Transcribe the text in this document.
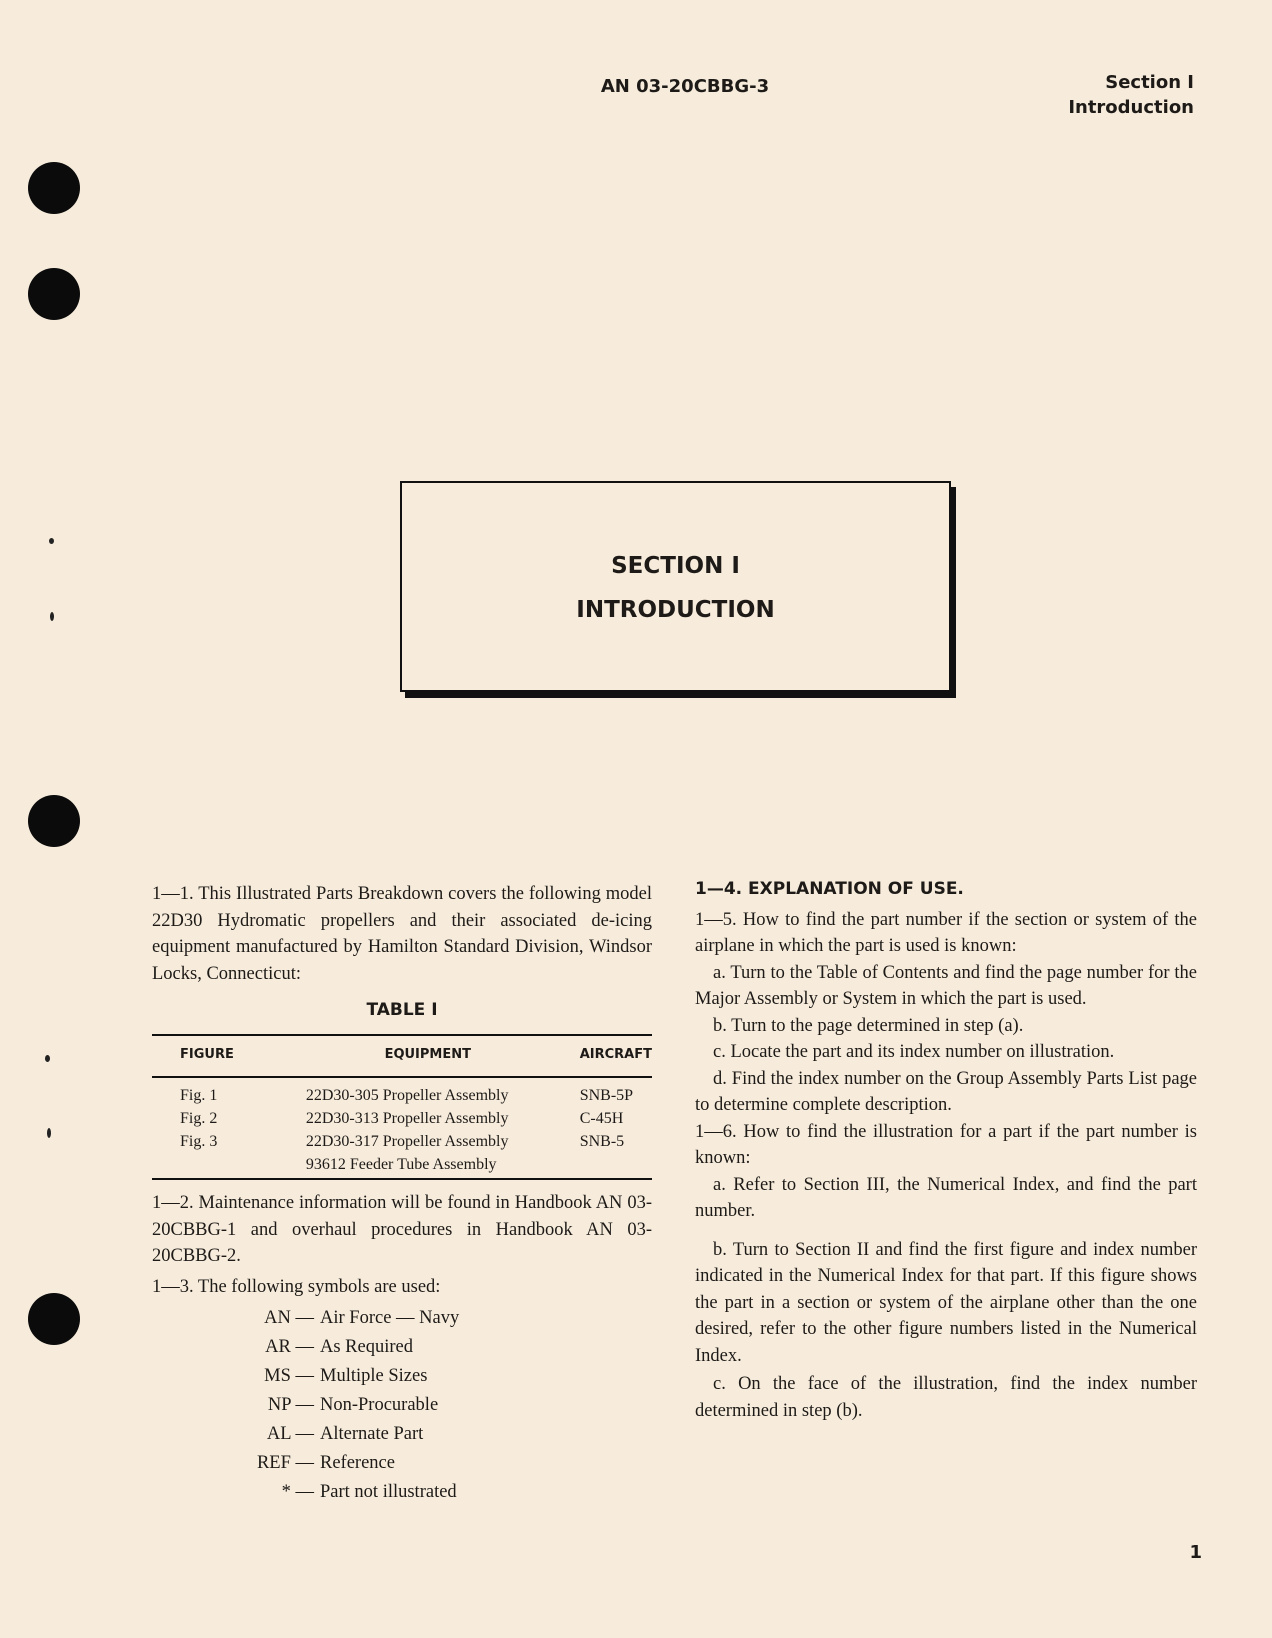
AN 03-20CBBG-3	Section I
Introduction
SECTION I
INTRODUCTION

1—1. This Illustrated Parts Breakdown covers the following model 22D30 Hydromatic propellers and their associated de-icing equipment manufactured by Hamilton Standard Division, Windsor Locks, Connecticut:

TABLE I
FIGURE	EQUIPMENT	AIRCRAFT
Fig. 1	22D30-305 Propeller Assembly	SNB-5P
Fig. 2	22D30-313 Propeller Assembly	C-45H
Fig. 3	22D30-317 Propeller Assembly	SNB-5
	93612 Feeder Tube Assembly	

1—2. Maintenance information will be found in Handbook AN 03-20CBBG-1 and overhaul procedures in Handbook AN 03-20CBBG-2.

1—3. The following symbols are used:

AN — Air Force — Navy
AR — As Required
MS — Multiple Sizes
NP — Non-Procurable
AL — Alternate Part
REF — Reference
* — Part not illustrated

1—4. EXPLANATION OF USE.

1—5. How to find the part number if the section or system of the airplane in which the part is used is known:

a. Turn to the Table of Contents and find the page number for the Major Assembly or System in which the part is used.

b. Turn to the page determined in step (a).

c. Locate the part and its index number on illustration.

d. Find the index number on the Group Assembly Parts List page to determine complete description.

1—6. How to find the illustration for a part if the part number is known:

a. Refer to Section III, the Numerical Index, and find the part number.

b. Turn to Section II and find the first figure and index number indicated in the Numerical Index for that part. If this figure shows the part in a section or system of the airplane other than the one desired, refer to the other figure numbers listed in the Numerical Index.

c. On the face of the illustration, find the index number determined in step (b).

1
